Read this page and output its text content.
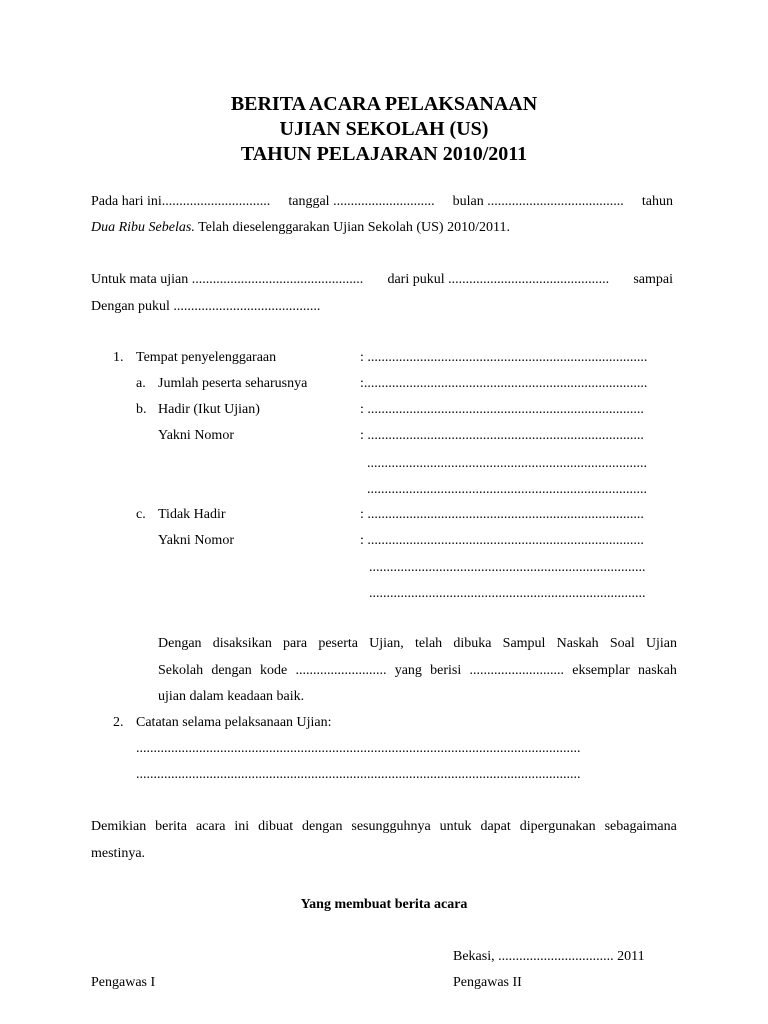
BERITA ACARA PELAKSANAAN
UJIAN SEKOLAH (US)
TAHUN PELAJARAN 2010/2011
Pada hari ini............................... tanggal ............................. bulan ....................................... tahun
Dua Ribu Sebelas. Telah dieselenggarakan Ujian Sekolah (US) 2010/2011.
Untuk mata ujian ................................................. dari pukul .............................................. sampai
Dengan pukul ..........................................
1. Tempat penyelenggaraan	: ................................................................................
a. Jumlah peserta seharusnya	:.................................................................................
b. Hadir (Ikut Ujian)	: ...............................................................................
Yakni Nomor	: ...............................................................................
................................................................................
................................................................................
c. Tidak Hadir	: ...............................................................................
Yakni Nomor	: ...............................................................................
...............................................................................
...............................................................................
Dengan disaksikan para peserta Ujian, telah dibuka Sampul Naskah Soal Ujian
Sekolah dengan kode .......................... yang berisi ........................... eksemplar naskah
ujian dalam keadaan baik.
2. Catatan selama pelaksanaan Ujian:
...............................................................................................................................
...............................................................................................................................
Demikian berita acara ini dibuat dengan sesungguhnya untuk dapat dipergunakan sebagaimana
mestinya.
Yang membuat berita acara
Bekasi, ................................. 2011
Pengawas I	Pengawas II
